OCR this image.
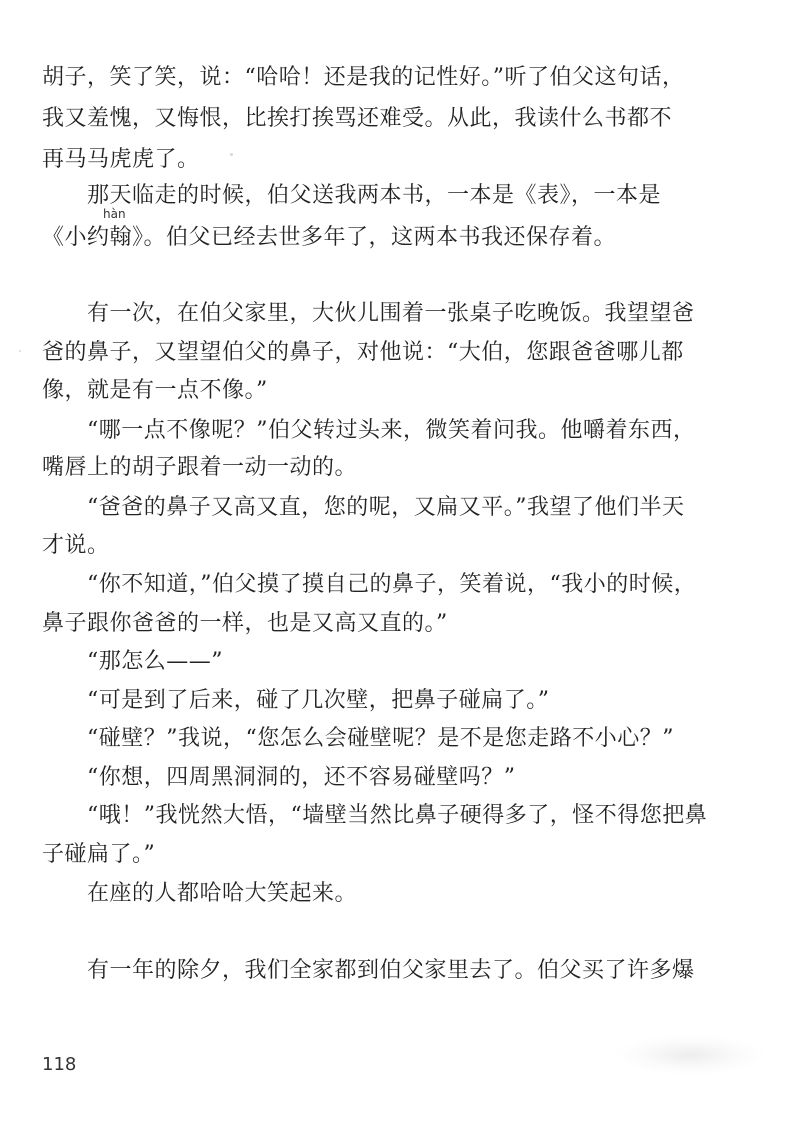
胡子，笑了笑，说：“哈哈！还是我的记性好。”听了伯父这句话，
我又羞愧，又悔恨，比挨打挨骂还难受。从此，我读什么书都不
再马马虎虎了。
　　那天临走的时候，伯父送我两本书，一本是《表》，一本是
hàn
《小约翰》。伯父已经去世多年了，这两本书我还保存着。
　　有一次，在伯父家里，大伙儿围着一张桌子吃晚饭。我望望爸
爸的鼻子，又望望伯父的鼻子，对他说：“大伯，您跟爸爸哪儿都
像，就是有一点不像。”
　　“哪一点不像呢？”伯父转过头来，微笑着问我。他嚼着东西，
嘴唇上的胡子跟着一动一动的。
　　“爸爸的鼻子又高又直，您的呢，又扁又平。”我望了他们半天
才说。
　　“你不知道，”伯父摸了摸自己的鼻子，笑着说，“我小的时候，
鼻子跟你爸爸的一样，也是又高又直的。”
　　“那怎么——”
　　“可是到了后来，碰了几次壁，把鼻子碰扁了。”
　　“碰壁？”我说，“您怎么会碰壁呢？是不是您走路不小心？”
　　“你想，四周黑洞洞的，还不容易碰壁吗？”
　　“哦！”我恍然大悟，“墙壁当然比鼻子硬得多了，怪不得您把鼻
子碰扁了。”
　　在座的人都哈哈大笑起来。
　　有一年的除夕，我们全家都到伯父家里去了。伯父买了许多爆
118
